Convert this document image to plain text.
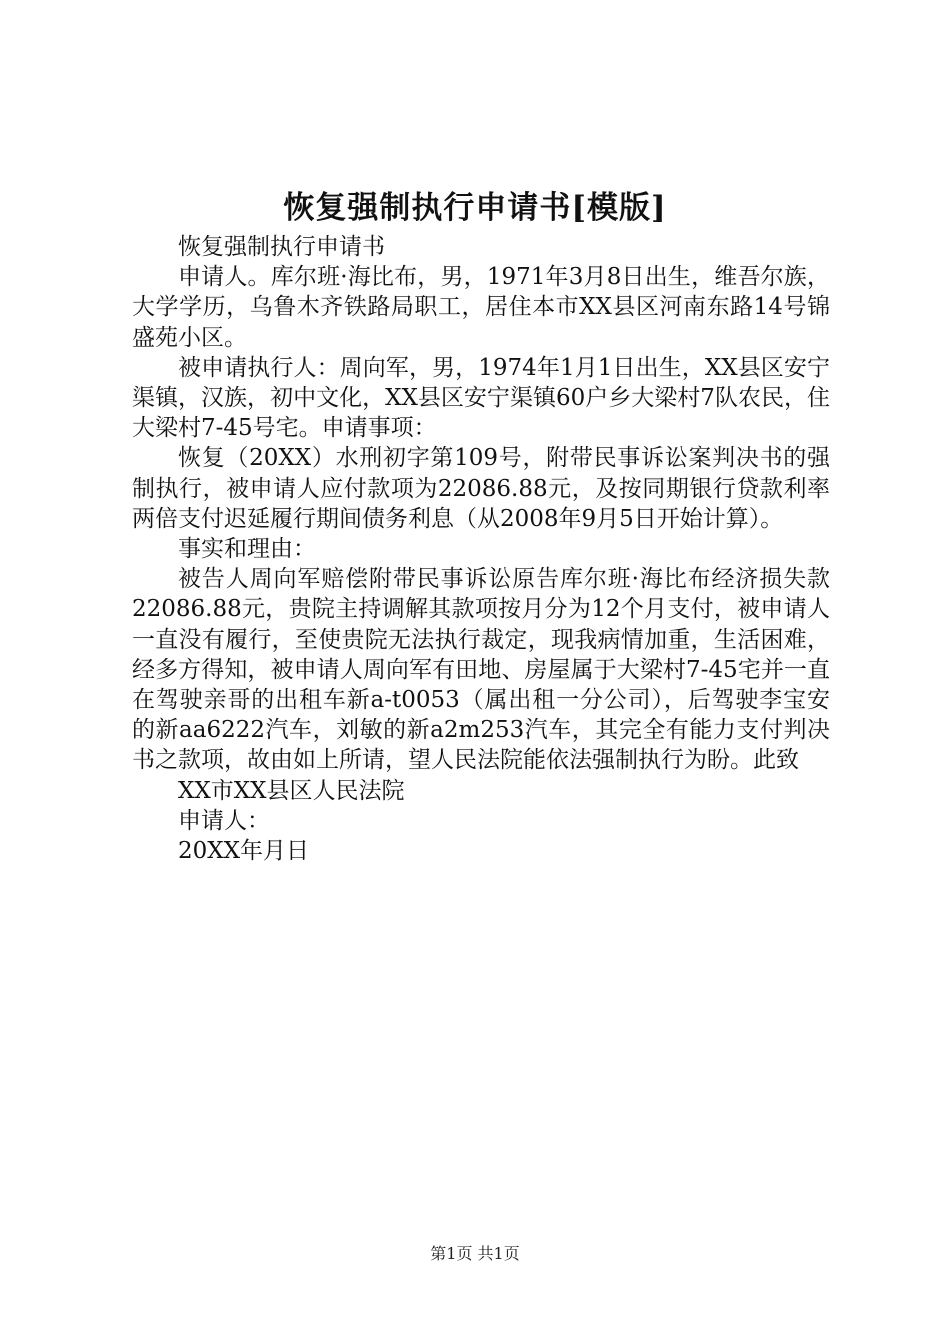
恢复强制执行申请书[模版]

恢复强制执行申请书

申请人。库尔班·海比布，男，1971年3月8日出生，维吾尔族，大学学历，乌鲁木齐铁路局职工，居住本市XX县区河南东路14号锦盛苑小区。

被申请执行人：周向军，男，1974年1月1日出生，XX县区安宁渠镇，汉族，初中文化，XX县区安宁渠镇60户乡大梁村7队农民，住大梁村7-45号宅。申请事项：

恢复（20XX）水刑初字第109号，附带民事诉讼案判决书的强制执行，被申请人应付款项为22086.88元，及按同期银行贷款利率两倍支付迟延履行期间债务利息（从2008年9月5日开始计算）。

事实和理由：

被告人周向军赔偿附带民事诉讼原告库尔班·海比布经济损失款22086.88元，贵院主持调解其款项按月分为12个月支付，被申请人一直没有履行，至使贵院无法执行裁定，现我病情加重，生活困难，经多方得知，被申请人周向军有田地、房屋属于大梁村7-45宅并一直在驾驶亲哥的出租车新a-t0053（属出租一分公司），后驾驶李宝安的新aa6222汽车，刘敏的新a2m253汽车，其完全有能力支付判决书之款项，故由如上所请，望人民法院能依法强制执行为盼。此致

XX市XX县区人民法院

申请人：

20XX年月日

第1页 共1页
